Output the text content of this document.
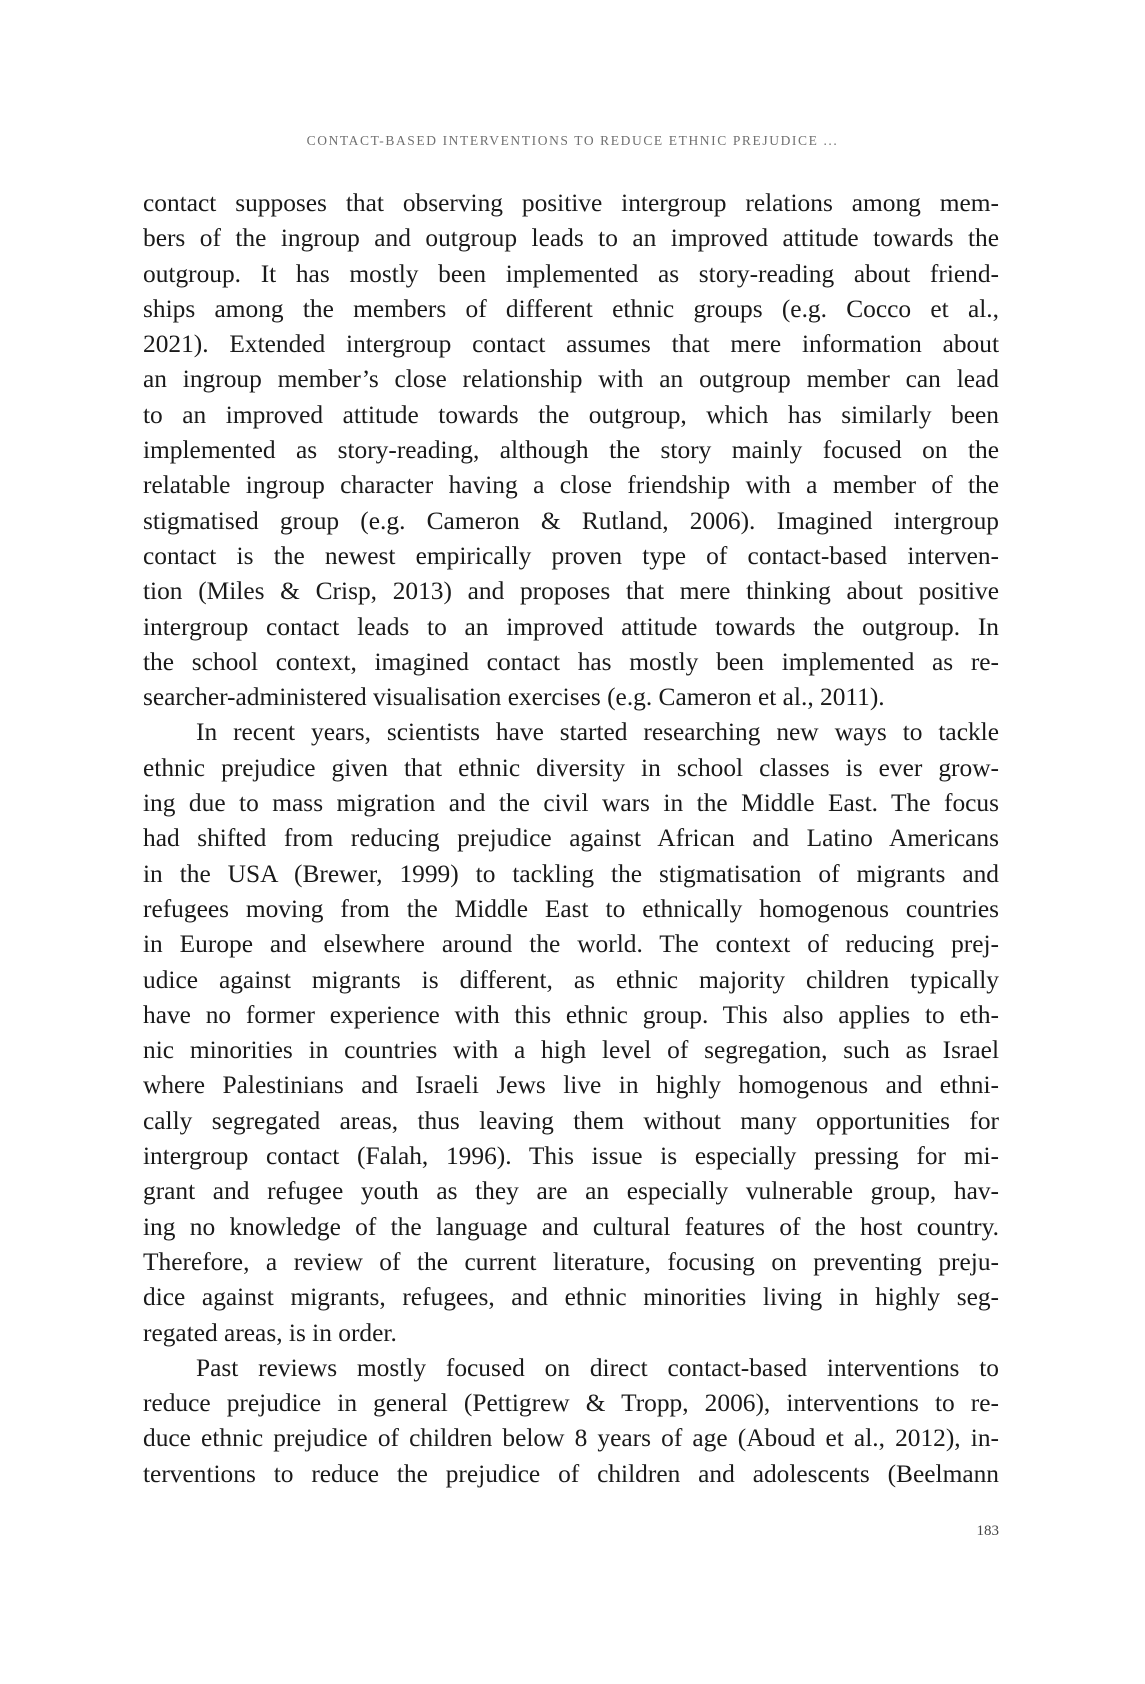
CONTACT-BASED INTERVENTIONS TO REDUCE ETHNIC PREJUDICE ...
contact supposes that observing positive intergroup relations among mem-
bers of the ingroup and outgroup leads to an improved attitude towards the
outgroup. It has mostly been implemented as story-reading about friend-
ships among the members of different ethnic groups (e.g. Cocco et al.,
2021). Extended intergroup contact assumes that mere information about
an ingroup member’s close relationship with an outgroup member can lead
to an improved attitude towards the outgroup, which has similarly been
implemented as story-reading, although the story mainly focused on the
relatable ingroup character having a close friendship with a member of the
stigmatised group (e.g. Cameron & Rutland, 2006). Imagined intergroup
contact is the newest empirically proven type of contact-based interven-
tion (Miles & Crisp, 2013) and proposes that mere thinking about positive
intergroup contact leads to an improved attitude towards the outgroup. In
the school context, imagined contact has mostly been implemented as re-
searcher-administered visualisation exercises (e.g. Cameron et al., 2011).
In recent years, scientists have started researching new ways to tackle
ethnic prejudice given that ethnic diversity in school classes is ever grow-
ing due to mass migration and the civil wars in the Middle East. The focus
had shifted from reducing prejudice against African and Latino Americans
in the USA (Brewer, 1999) to tackling the stigmatisation of migrants and
refugees moving from the Middle East to ethnically homogenous countries
in Europe and elsewhere around the world. The context of reducing prej-
udice against migrants is different, as ethnic majority children typically
have no former experience with this ethnic group. This also applies to eth-
nic minorities in countries with a high level of segregation, such as Israel
where Palestinians and Israeli Jews live in highly homogenous and ethni-
cally segregated areas, thus leaving them without many opportunities for
intergroup contact (Falah, 1996). This issue is especially pressing for mi-
grant and refugee youth as they are an especially vulnerable group, hav-
ing no knowledge of the language and cultural features of the host country.
Therefore, a review of the current literature, focusing on preventing preju-
dice against migrants, refugees, and ethnic minorities living in highly seg-
regated areas, is in order.
Past reviews mostly focused on direct contact-based interventions to
reduce prejudice in general (Pettigrew & Tropp, 2006), interventions to re-
duce ethnic prejudice of children below 8 years of age (Aboud et al., 2012), in-
terventions to reduce the prejudice of children and adolescents (Beelmann
183
